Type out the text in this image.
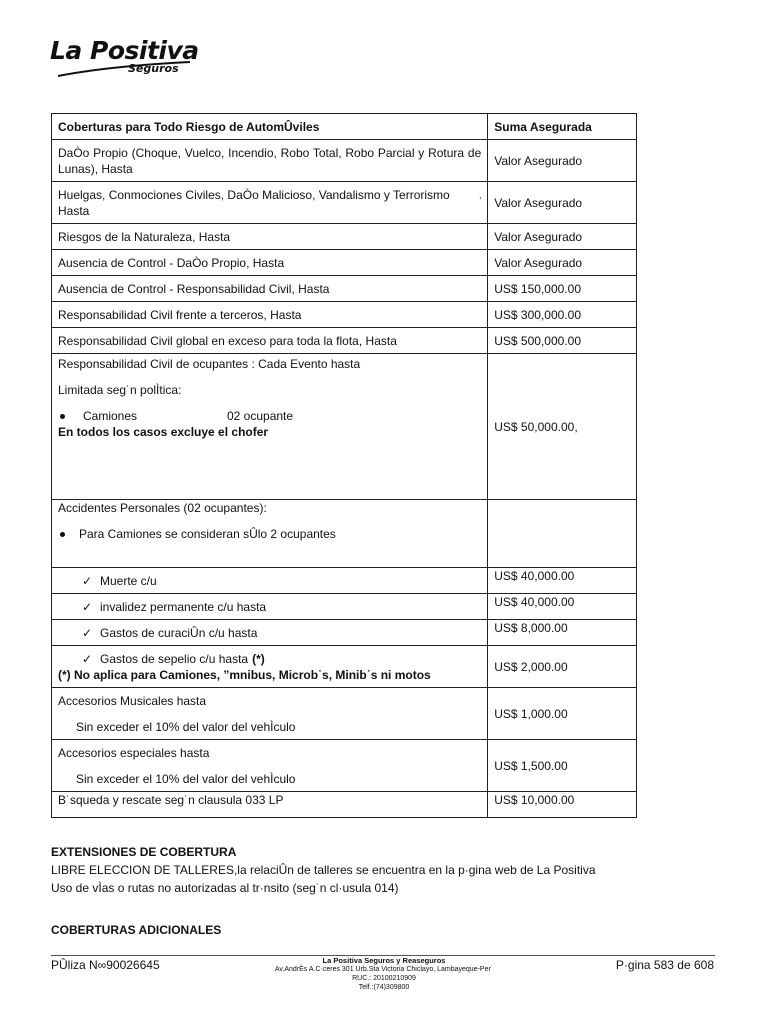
La Positiva
Seguros
Coberturas para Todo Riesgo de AutomÛviles	Suma Asegurada
DaÒo Propio (Choque, Vuelco, Incendio, Robo Total, Robo Parcial y Rotura de Lunas), Hasta	Valor Asegurado

Huelgas, Conmociones Civiles, DaÒo Malicioso, Vandalismo y Terrorismo ‚
Hasta	Valor Asegurado
Riesgos de la Naturaleza, Hasta	Valor Asegurado
Ausencia de Control - DaÒo Propio, Hasta	Valor Asegurado
Ausencia de Control - Responsabilidad Civil, Hasta	US$ 150,000.00
Responsabilidad Civil frente a terceros, Hasta	US$ 300,000.00
Responsabilidad Civil global en exceso para toda la flota, Hasta	US$ 500,000.00

Responsabilidad Civil de ocupantes : Cada Evento hasta
Limitada seg˙n polÌtica:
Camiones 02 ocupante
En todos los casos excluye el chofer	US$ 50,000.00,

Accidentes Personales (02 ocupantes):
Para Camiones se consideran sÛlo 2 ocupantes	

✓ Muerte c/u	US$ 40,000.00

✓ invalidez permanente c/u hasta	US$ 40,000.00

✓ Gastos de curaciÛn c/u hasta	US$ 8,000.00

✓ Gastos de sepelio c/u hasta (*)
(*) No aplica para Camiones, ”mnibus, Microb˙s, Minib˙s ni motos	US$ 2,000.00

Accesorios Musicales hasta
Sin exceder el 10% del valor del vehÌculo	US$ 1,000.00

Accesorios especiales hasta
Sin exceder el 10% del valor del vehÌculo	US$ 1,500.00
B˙squeda y rescate seg˙n clausula 033 LP	US$ 10,000.00
EXTENSIONES DE COBERTURA
LIBRE ELECCION DE TALLERES,la relaciÛn de talleres se encuentra en la p·gina web de La Positiva
Uso de vÌas o rutas no autorizadas al tr·nsito (seg˙n cl·usula 014)
COBERTURAS ADICIONALES
PÛliza N∞90026645	La Positiva Seguros y Reaseguros
Av.AndrÈs A.C·ceres 301 Urb.Sta Victoria Chiclayo, Lambayeque-Per˙
RUC.: 20100210909
Telf.:(74)309800
P·gina 583 de 608
